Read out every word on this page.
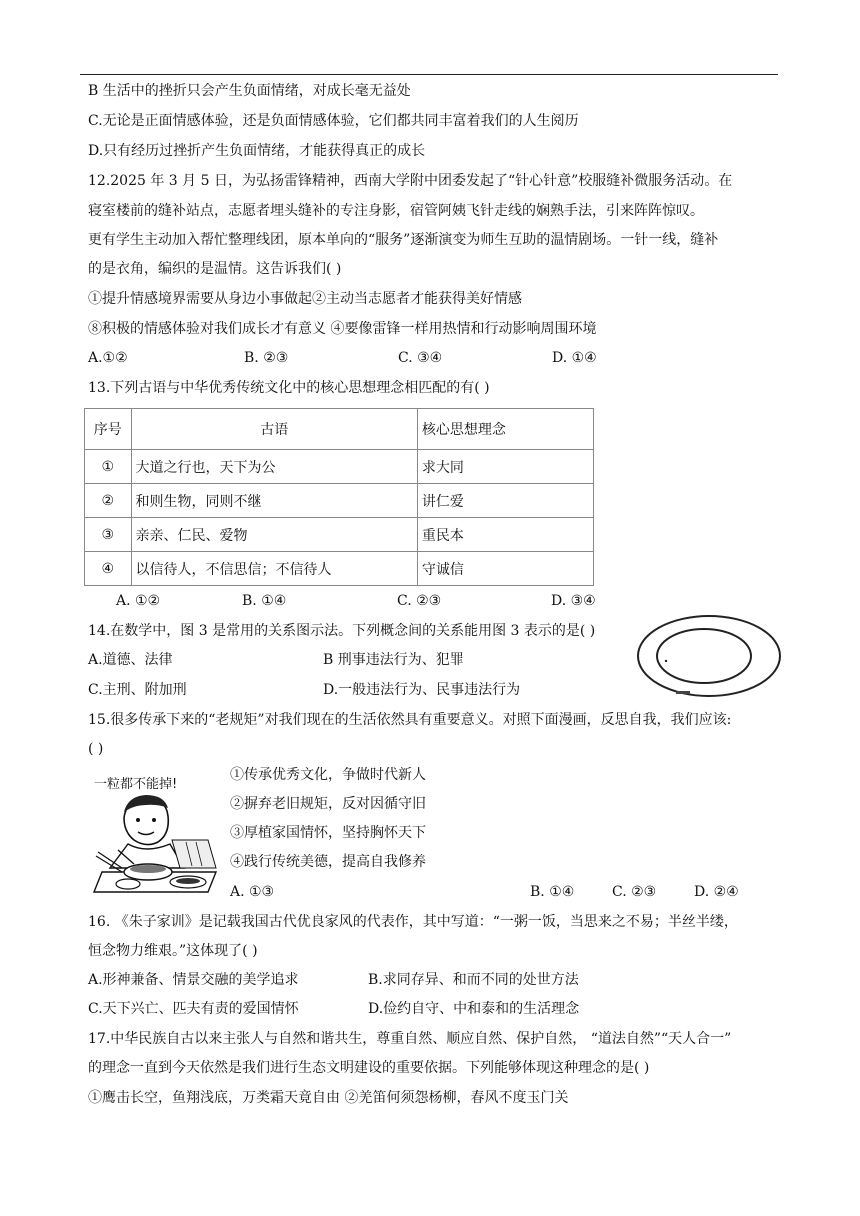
B 生活中的挫折只会产生负面情绪，对成长毫无益处
C.无论是正面情感体验，还是负面情感体验，它们都共同丰富着我们的人生阅历
D.只有经历过挫折产生负面情绪，才能获得真正的成长
12.2025 年 3 月 5 日，为弘扬雷锋精神，西南大学附中团委发起了“针心针意”校服缝补微服务活动。在
寝室楼前的缝补站点，志愿者埋头缝补的专注身影，宿管阿姨飞针走线的娴熟手法，引来阵阵惊叹。
更有学生主动加入帮忙整理线团，原本单向的“服务”逐渐演变为师生互助的温情剧场。一针一线，缝补
的是衣角，编织的是温情。这告诉我们( )
①提升情感境界需要从身边小事做起②主动当志愿者才能获得美好情感
⑧积极的情感体验对我们成长才有意义 ④要像雷锋一样用热情和行动影响周围环境
A.①②	B. ②③	C. ③④	D. ①④
13.下列古语与中华优秀传统文化中的核心思想理念相匹配的有( )
序号	古语	核心思想理念
①	大道之行也，天下为公	求大同
②	和则生物，同则不继	讲仁爱
③	亲亲、仁民、爱物	重民本
④	以信待人，不信思信；不信待人	守诚信
A. ①②	B. ①④	C. ②③	D. ③④
14.在数学中，图 3 是常用的关系图示法。下列概念间的关系能用图 3 表示的是( )
A.道德、法律	B 刑事违法行为、犯罪
C.主刑、附加刑	D.一般违法行为、民事违法行为
15.很多传承下来的“老规矩”对我们现在的生活依然具有重要意义。对照下面漫画，反思自我，我们应该:
( )
一粒都不能掉!
①传承优秀文化，争做时代新人
②摒弃老旧规矩，反对因循守旧
③厚植家国情怀，坚持胸怀天下
④践行传统美德，提高自我修养
A. ①③	B. ①④	C. ②③	D. ②④
16. 《朱子家训》是记载我国古代优良家风的代表作，其中写道：“一粥一饭，当思来之不易；半丝半缕，
恒念物力维艰。”这体现了( )
A.形神兼备、情景交融的美学追求	B.求同存异、和而不同的处世方法
C.天下兴亡、匹夫有责的爱国情怀	D.俭约自守、中和泰和的生活理念
17.中华民族自古以来主张人与自然和谐共生，尊重自然、顺应自然、保护自然， “道法自然”“天人合一”
的理念一直到今天依然是我们进行生态文明建设的重要依据。下列能够体现这种理念的是( )
①鹰击长空，鱼翔浅底，万类霜天竟自由 ②羌笛何须怨杨柳，春风不度玉门关
